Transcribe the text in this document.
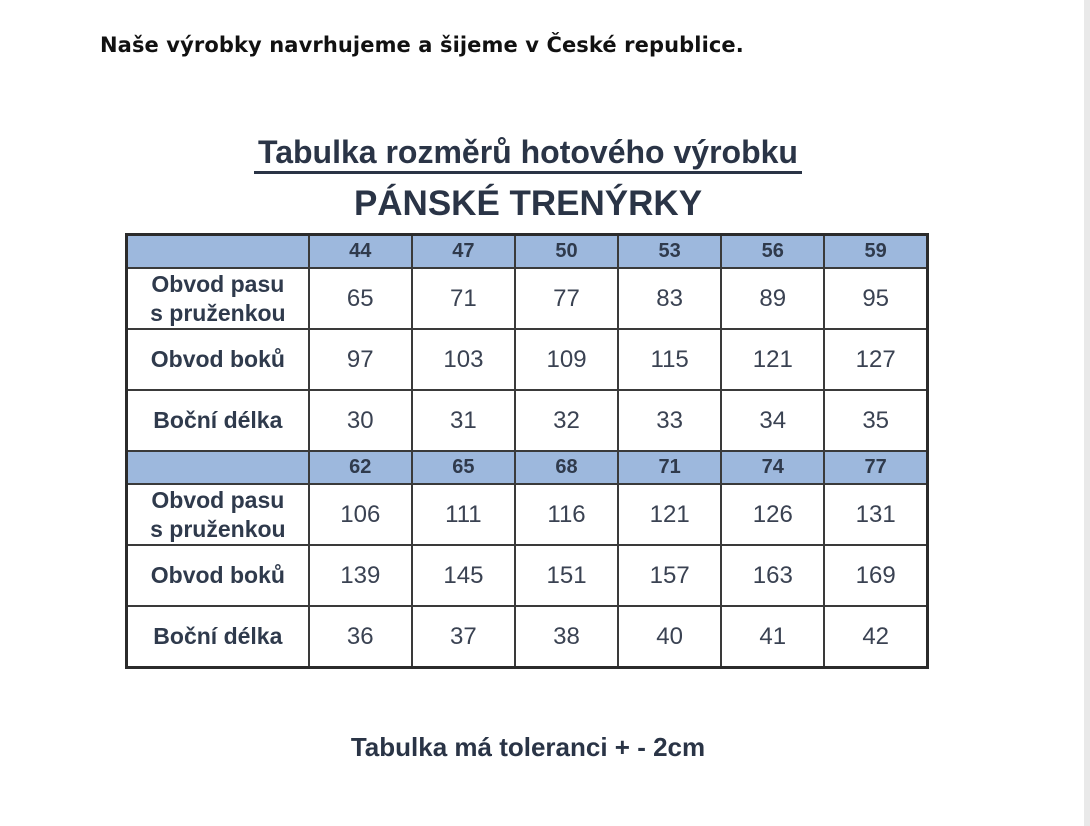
Naše výrobky navrhujeme a šijeme v České republice.
Tabulka rozměrů hotového výrobku
PÁNSKÉ TRENÝRKY
	44	47	50	53	56	59
Obvod pasu
s pruženkou	65	71	77	83	89	95
Obvod boků	97	103	109	115	121	127
Boční délka	30	31	32	33	34	35
	62	65	68	71	74	77
Obvod pasu
s pruženkou	106	111	116	121	126	131
Obvod boků	139	145	151	157	163	169
Boční délka	36	37	38	40	41	42
Tabulka má toleranci + - 2cm
